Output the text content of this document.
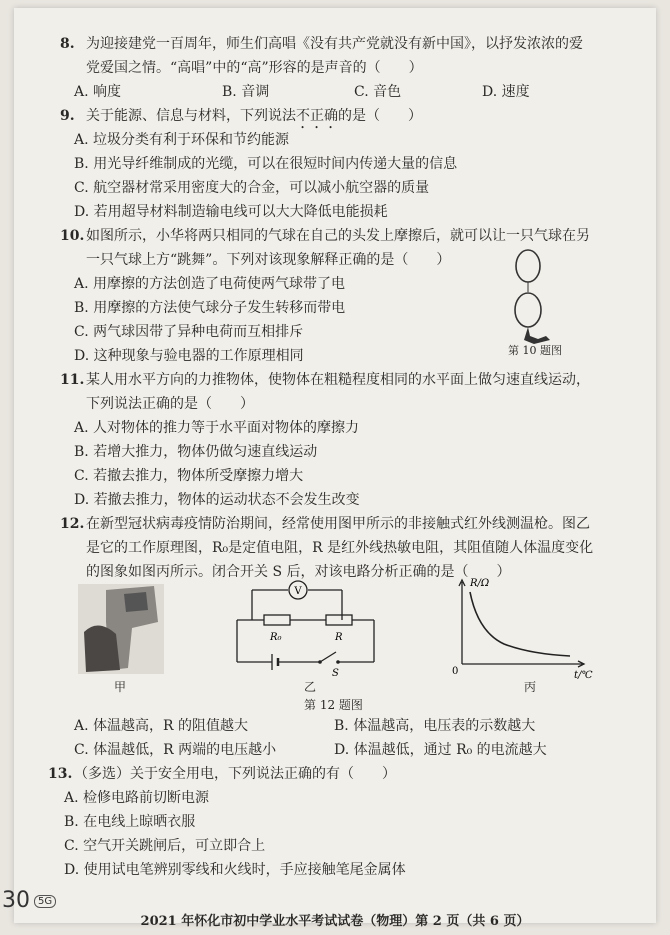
8. 为迎接建党一百周年，师生们高唱《没有共产党就没有新中国》，以抒发浓浓的爱
党爱国之情。“高唱”中的“高”形容的是声音的（　　）
A. 响度	B. 音调	C. 音色	D. 速度
9. 关于能源、信息与材料，下列说法不正确的是（　　）
A. 垃圾分类有利于环保和节约能源
B. 用光导纤维制成的光缆，可以在很短时间内传递大量的信息
C. 航空器材常采用密度大的合金，可以减小航空器的质量
D. 若用超导材料制造输电线可以大大降低电能损耗
10. 如图所示，小华将两只相同的气球在自己的头发上摩擦后，就可以让一只气球在另
一只气球上方“跳舞”。下列对该现象解释正确的是（　　）
A. 用摩擦的方法创造了电荷使两气球带了电
B. 用摩擦的方法使气球分子发生转移而带电
C. 两气球因带了异种电荷而互相排斥
D. 这种现象与验电器的工作原理相同	第 10 题图
11. 某人用水平方向的力推物体，使物体在粗糙程度相同的水平面上做匀速直线运动，
下列说法正确的是（　　）
A. 人对物体的推力等于水平面对物体的摩擦力
B. 若增大推力，物体仍做匀速直线运动
C. 若撤去推力，物体所受摩擦力增大
D. 若撤去推力，物体的运动状态不会发生改变
12. 在新型冠状病毒疫情防治期间，经常使用图甲所示的非接触式红外线测温枪。图乙
是它的工作原理图，R₀是定值电阻，R 是红外线热敏电阻，其阻值随人体温度变化
的图象如图丙所示。闭合开关 S 后，对该电路分析正确的是（　　）
甲
V
R₀	R
S
乙
R/Ω
0	t/℃
丙
第 12 题图
A. 体温越高，R 的阻值越大	B. 体温越高，电压表的示数越大
C. 体温越低，R 两端的电压越小	D. 体温越低，通过 R₀ 的电流越大
13. （多选）关于安全用电，下列说法正确的有（　　）
A. 检修电路前切断电源
B. 在电线上晾晒衣服
C. 空气开关跳闸后，可立即合上
D. 使用试电笔辨别零线和火线时，手应接触笔尾金属体
2021 年怀化市初中学业水平考试试卷（物理）第 2 页（共 6 页）
30 5G
